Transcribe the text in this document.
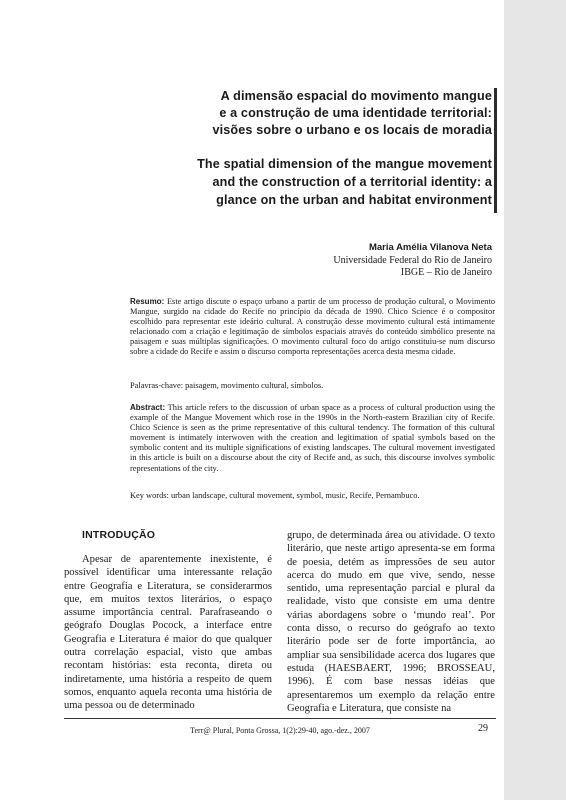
A dimensão espacial do movimento mangue
e a construção de uma identidade territorial:
visões sobre o urbano e os locais de moradia
The spatial dimension of the mangue movement
and the construction of a territorial identity: a
glance on the urban and habitat environment
Maria Amélia Vilanova Neta
Universidade Federal do Rio de Janeiro
IBGE – Rio de Janeiro

Resumo: Este artigo discute o espaço urbano a partir de um processo de produção cultural, o Movimento Mangue, surgido na cidade do Recife no princípio da década de 1990. Chico Science é o compositor escolhido para representar este ideário cultural. A construção desse movimento cultural está intimamente relacionado com a criação e legitimação de símbolos espaciais através do conteúdo simbólico presente na paisagem e suas múltiplas significações. O movimento cultural foco do artigo constituiu-se num discurso sobre a cidade do Recife e assim o discurso comporta representações acerca desta mesma cidade.

Palavras-chave: paisagem, movimento cultural, símbolos.

Abstract: This article refers to the discussion of urban space as a process of cultural production using the example of the Mangue Movement which rose in the 1990s in the North-eastern Brazilian city of Recife. Chico Science is seen as the prime representative of this cultural tendency. The formation of this cultural movement is intimately interwoven with the creation and legitimation of spatial symbols based on the symbolic content and its multiple significations of existing landscapes. The cultural movement investigated in this article is built on a discourse about the city of Recife and, as such, this discourse involves symbolic representations of the city.

Key words: urban landscape, cultural movement, symbol, music, Recife, Pernambuco.

INTRODUÇÃO

Apesar de aparentemente inexistente, é possível identificar uma interessante relação entre Geografia e Literatura, se considerarmos que, em muitos textos literários, o espaço assume importância central. Parafraseando o geógrafo Douglas Pocock, a interface entre Geografia e Literatura é maior do que qualquer outra correlação espacial, visto que ambas recontam histórias: esta reconta, direta ou indiretamente, uma história a respeito de quem somos, enquanto aquela reconta uma história de uma pessoa ou de determinado

grupo, de determinada área ou atividade. O texto literário, que neste artigo apresenta-se em forma de poesia, detém as impressões de seu autor acerca do mudo em que vive, sendo, nesse sentido, uma representação parcial e plural da realidade, visto que consiste em uma dentre várias abordagens sobre o ‘mundo real’. Por conta disso, o recurso do geógrafo ao texto literário pode ser de forte importância, ao ampliar sua sensibilidade acerca dos lugares que estuda (HAESBAERT, 1996; BROSSEAU, 1996). É com base nessas idéias que apresentaremos um exemplo da relação entre Geografia e Literatura, que consiste na

Terr@ Plural, Ponta Grossa, 1(2):29-40, ago.-dez., 2007	29
